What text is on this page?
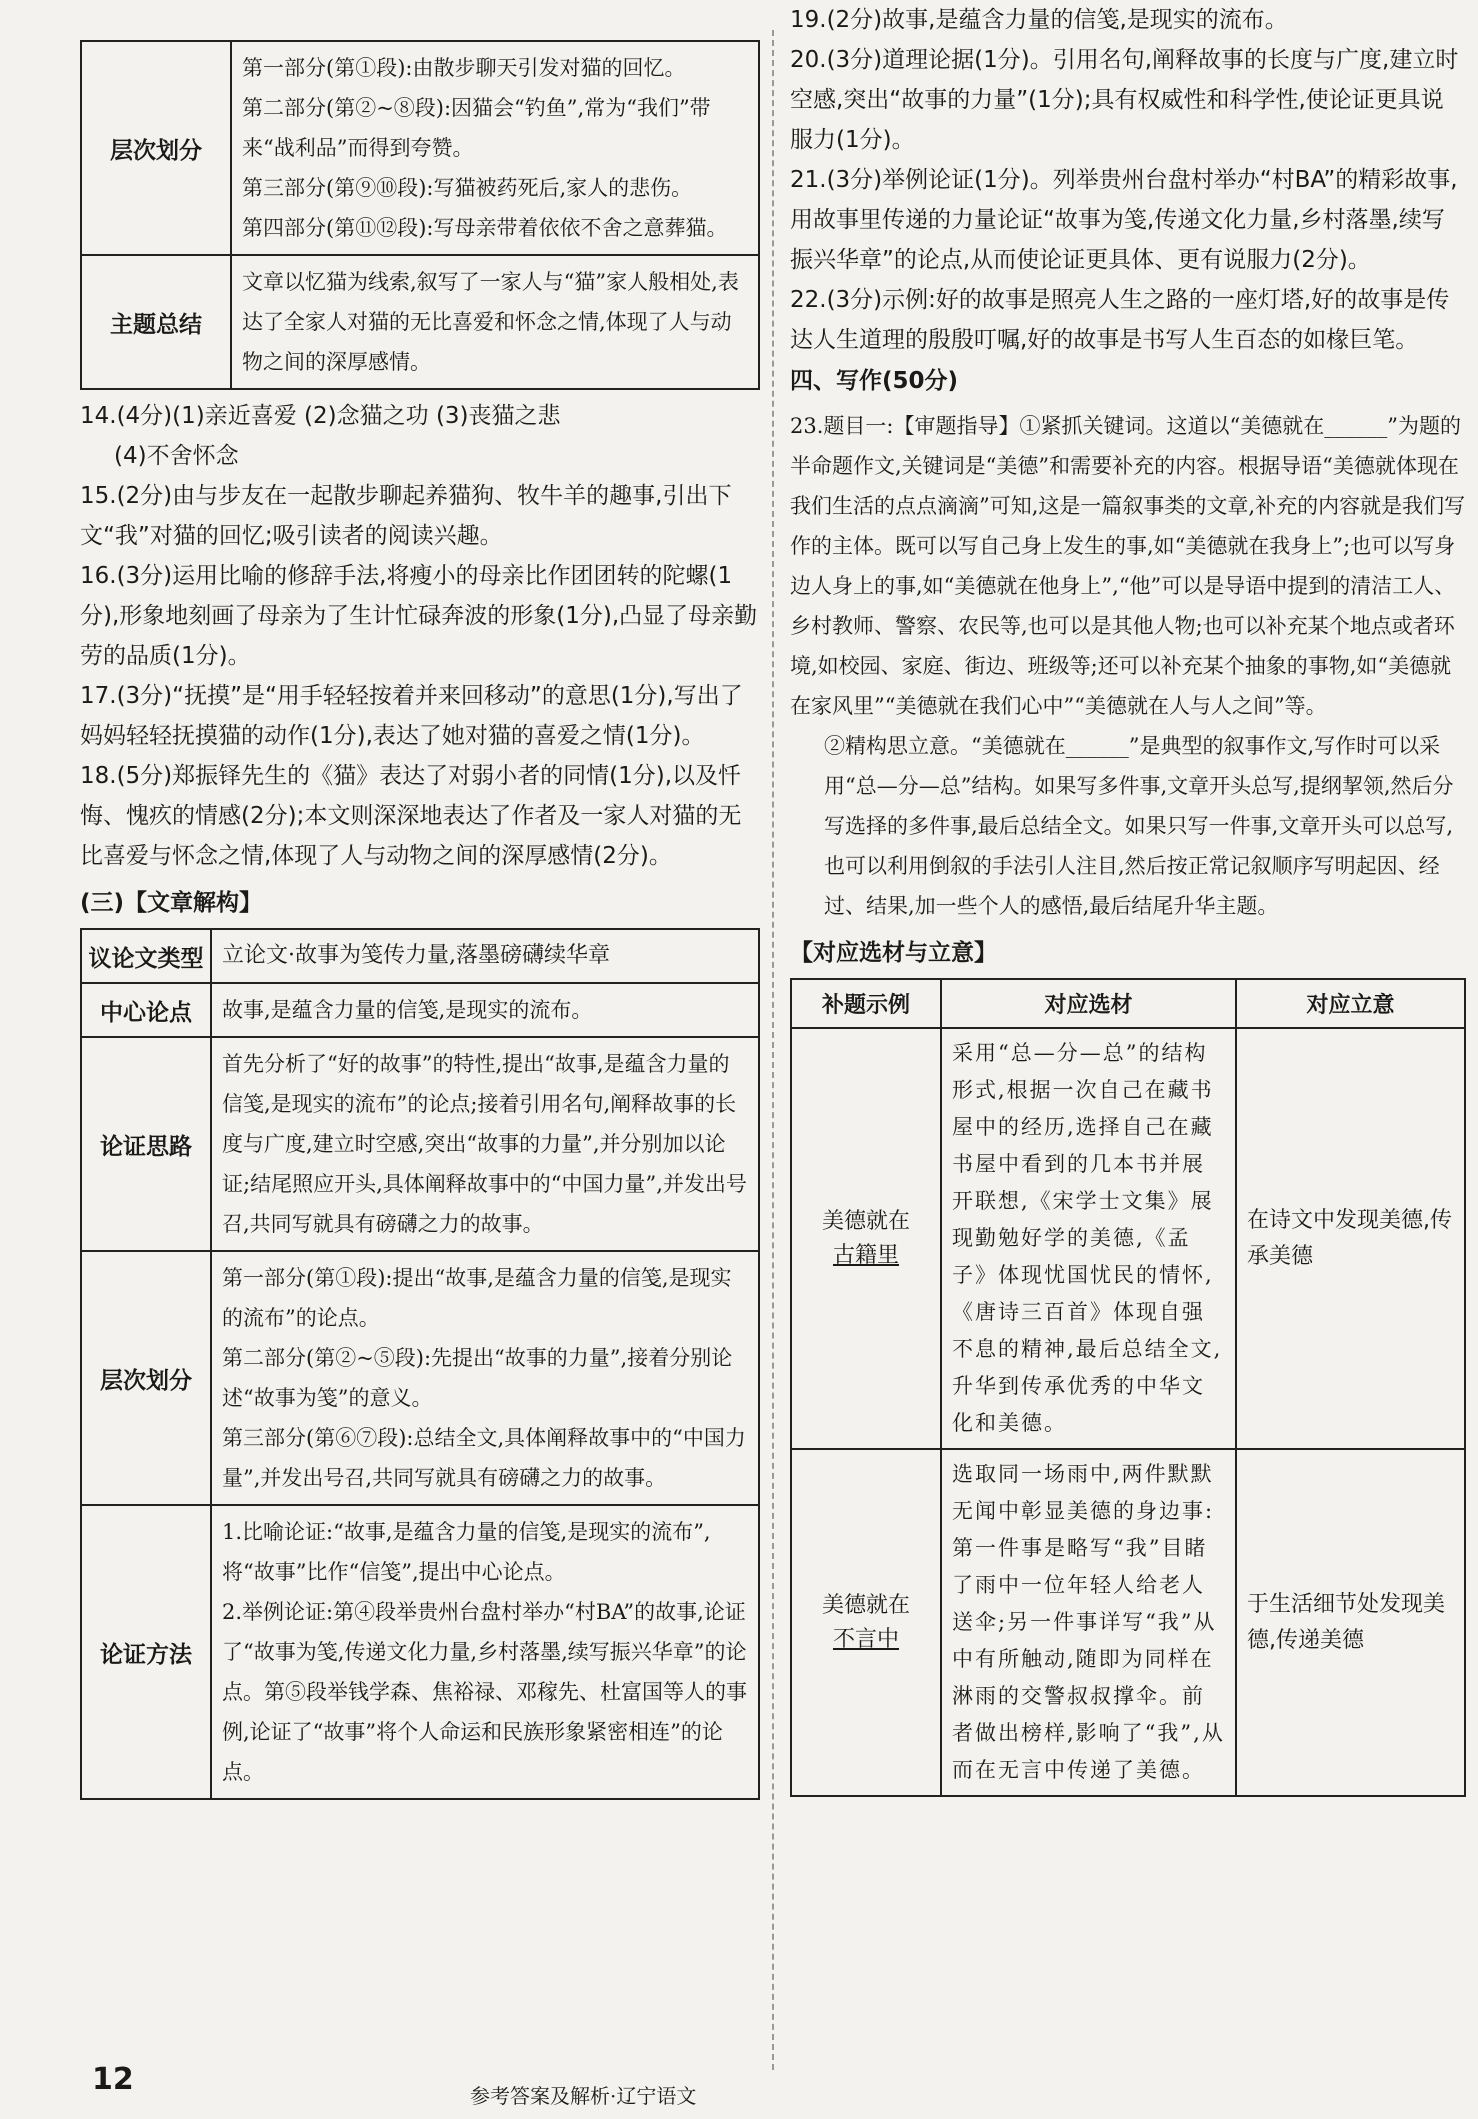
层次划分	第一部分(第①段):由散步聊天引发对猫的回忆。

第二部分(第②~⑧段):因猫会“钓鱼”,常为“我们”带来“战利品”而得到夸赞。

第三部分(第⑨⑩段):写猫被药死后,家人的悲伤。

第四部分(第⑪⑫段):写母亲带着依依不舍之意葬猫。

主题总结	文章以忆猫为线索,叙写了一家人与“猫”家人般相处,表达了全家人对猫的无比喜爱和怀念之情,体现了人与动物之间的深厚感情。

14.(4分)(1)亲近喜爱 (2)念猫之功 (3)丧猫之悲

(4)不舍怀念

15.(2分)由与步友在一起散步聊起养猫狗、牧牛羊的趣事,引出下文“我”对猫的回忆;吸引读者的阅读兴趣。

16.(3分)运用比喻的修辞手法,将瘦小的母亲比作团团转的陀螺(1分),形象地刻画了母亲为了生计忙碌奔波的形象(1分),凸显了母亲勤劳的品质(1分)。

17.(3分)“抚摸”是“用手轻轻按着并来回移动”的意思(1分),写出了妈妈轻轻抚摸猫的动作(1分),表达了她对猫的喜爱之情(1分)。

18.(5分)郑振铎先生的《猫》表达了对弱小者的同情(1分),以及忏悔、愧疚的情感(2分);本文则深深地表达了作者及一家人对猫的无比喜爱与怀念之情,体现了人与动物之间的深厚感情(2分)。

(三)【文章解构】
议论文类型	立论文·故事为笺传力量,落墨磅礴续华章

中心论点	故事,是蕴含力量的信笺,是现实的流布。

论证思路	首先分析了“好的故事”的特性,提出“故事,是蕴含力量的信笺,是现实的流布”的论点;接着引用名句,阐释故事的长度与广度,建立时空感,突出“故事的力量”,并分别加以论证;结尾照应开头,具体阐释故事中的“中国力量”,并发出号召,共同写就具有磅礴之力的故事。

层次划分	第一部分(第①段):提出“故事,是蕴含力量的信笺,是现实的流布”的论点。

第二部分(第②~⑤段):先提出“故事的力量”,接着分别论述“故事为笺”的意义。

第三部分(第⑥⑦段):总结全文,具体阐释故事中的“中国力量”,并发出号召,共同写就具有磅礴之力的故事。

论证方法	1.比喻论证:“故事,是蕴含力量的信笺,是现实的流布”,将“故事”比作“信笺”,提出中心论点。

2.举例论证:第④段举贵州台盘村举办“村BA”的故事,论证了“故事为笺,传递文化力量,乡村落墨,续写振兴华章”的论点。第⑤段举钱学森、焦裕禄、邓稼先、杜富国等人的事例,论证了“故事”将个人命运和民族形象紧密相连”的论点。

19.(2分)故事,是蕴含力量的信笺,是现实的流布。

20.(3分)道理论据(1分)。引用名句,阐释故事的长度与广度,建立时空感,突出“故事的力量”(1分);具有权威性和科学性,使论证更具说服力(1分)。

21.(3分)举例论证(1分)。列举贵州台盘村举办“村BA”的精彩故事,用故事里传递的力量论证“故事为笺,传递文化力量,乡村落墨,续写振兴华章”的论点,从而使论证更具体、更有说服力(2分)。

22.(3分)示例:好的故事是照亮人生之路的一座灯塔,好的故事是传达人生道理的殷殷叮嘱,好的故事是书写人生百态的如椽巨笔。

四、写作(50分)

23.题目一:【审题指导】①紧抓关键词。这道以“美德就在______”为题的半命题作文,关键词是“美德”和需要补充的内容。根据导语“美德就体现在我们生活的点点滴滴”可知,这是一篇叙事类的文章,补充的内容就是我们写作的主体。既可以写自己身上发生的事,如“美德就在我身上”;也可以写身边人身上的事,如“美德就在他身上”,“他”可以是导语中提到的清洁工人、乡村教师、警察、农民等,也可以是其他人物;也可以补充某个地点或者环境,如校园、家庭、街边、班级等;还可以补充某个抽象的事物,如“美德就在家风里”“美德就在我们心中”“美德就在人与人之间”等。

②精构思立意。“美德就在______”是典型的叙事作文,写作时可以采用“总—分—总”结构。如果写多件事,文章开头总写,提纲挈领,然后分写选择的多件事,最后总结全文。如果只写一件事,文章开头可以总写,也可以利用倒叙的手法引人注目,然后按正常记叙顺序写明起因、经过、结果,加一些个人的感悟,最后结尾升华主题。

【对应选材与立意】
补题示例	对应选材	对应立意

美德就在
古籍里	采用“总—分—总”的结构形式,根据一次自己在藏书屋中的经历,选择自己在藏书屋中看到的几本书并展开联想,《宋学士文集》展现勤勉好学的美德,《孟子》体现忧国忧民的情怀,《唐诗三百首》体现自强不息的精神,最后总结全文,升华到传承优秀的中华文化和美德。	在诗文中发现美德,传承美德

美德就在
不言中	选取同一场雨中,两件默默无闻中彰显美德的身边事:第一件事是略写“我”目睹了雨中一位年轻人给老人送伞;另一件事详写“我”从中有所触动,随即为同样在淋雨的交警叔叔撑伞。前者做出榜样,影响了“我”,从而在无言中传递了美德。	于生活细节处发现美德,传递美德
12	参考答案及解析·辽宁语文
